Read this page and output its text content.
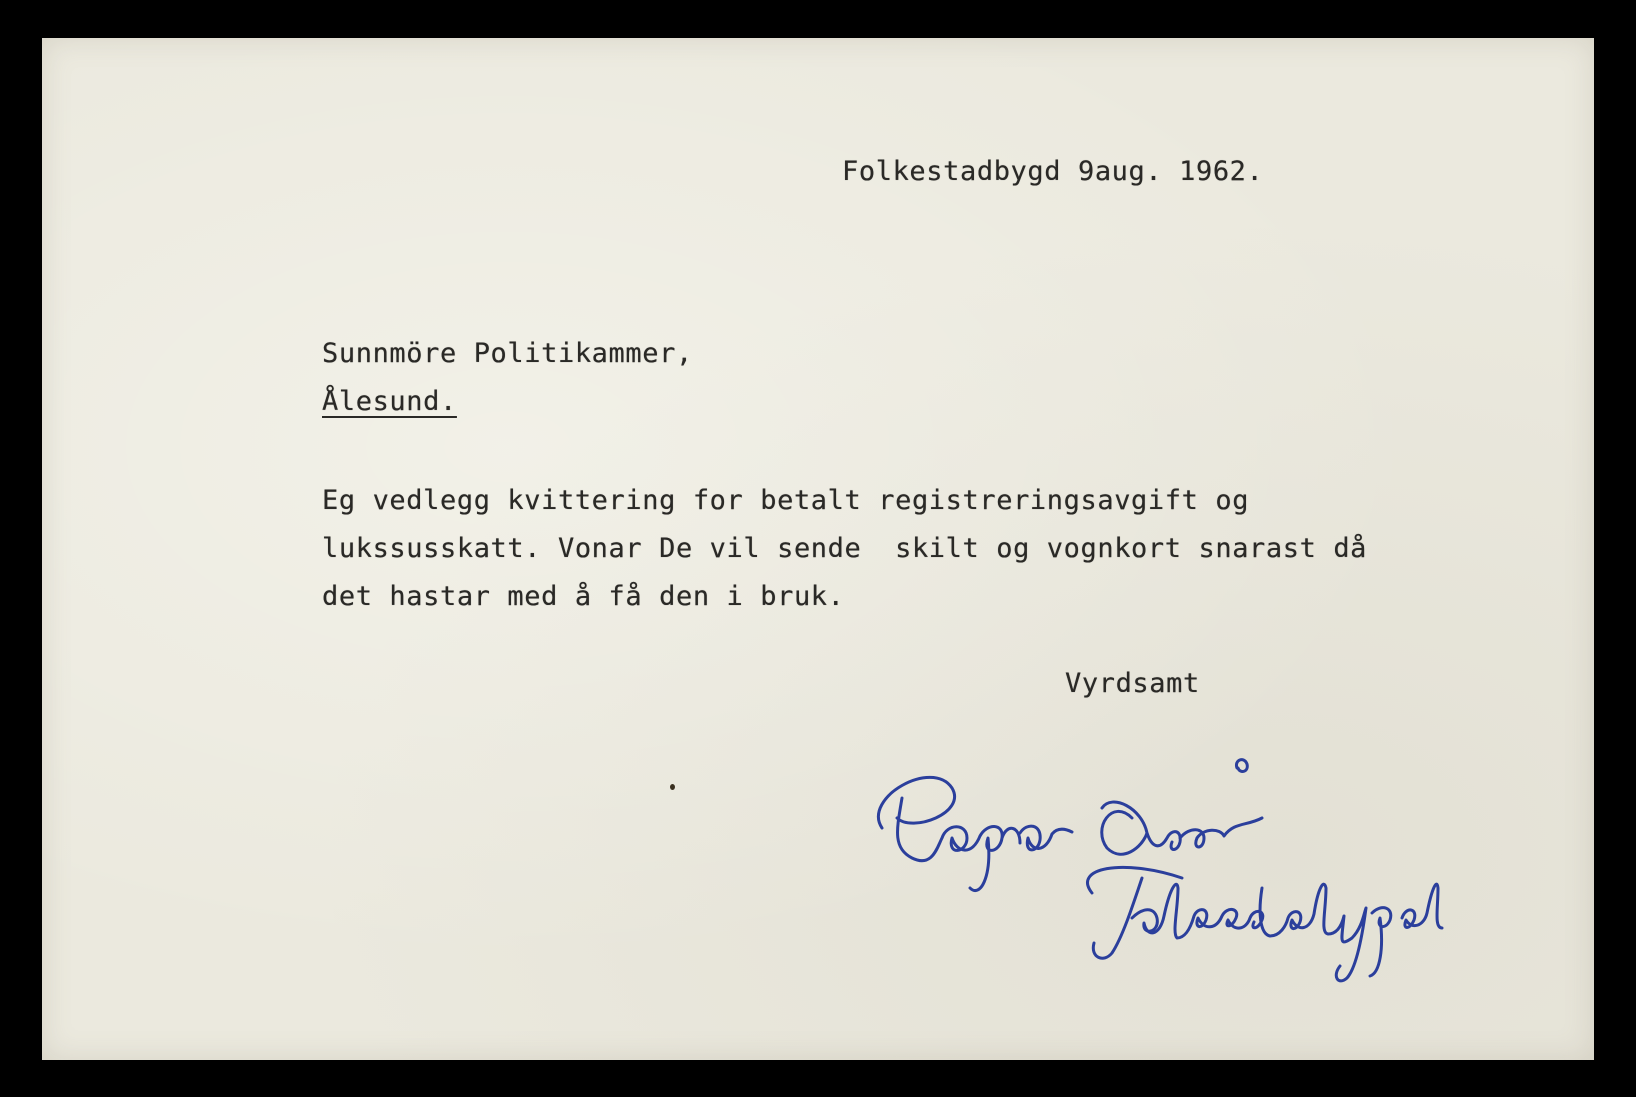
Folkestadbygd 9aug. 1962.
Sunnmöre Politikammer,
Ålesund.
Eg vedlegg kvittering for betalt registreringsavgift og
lukssusskatt. Vonar De vil sende  skilt og vognkort snarast då
det hastar med å få den i bruk.
Vyrdsamt
